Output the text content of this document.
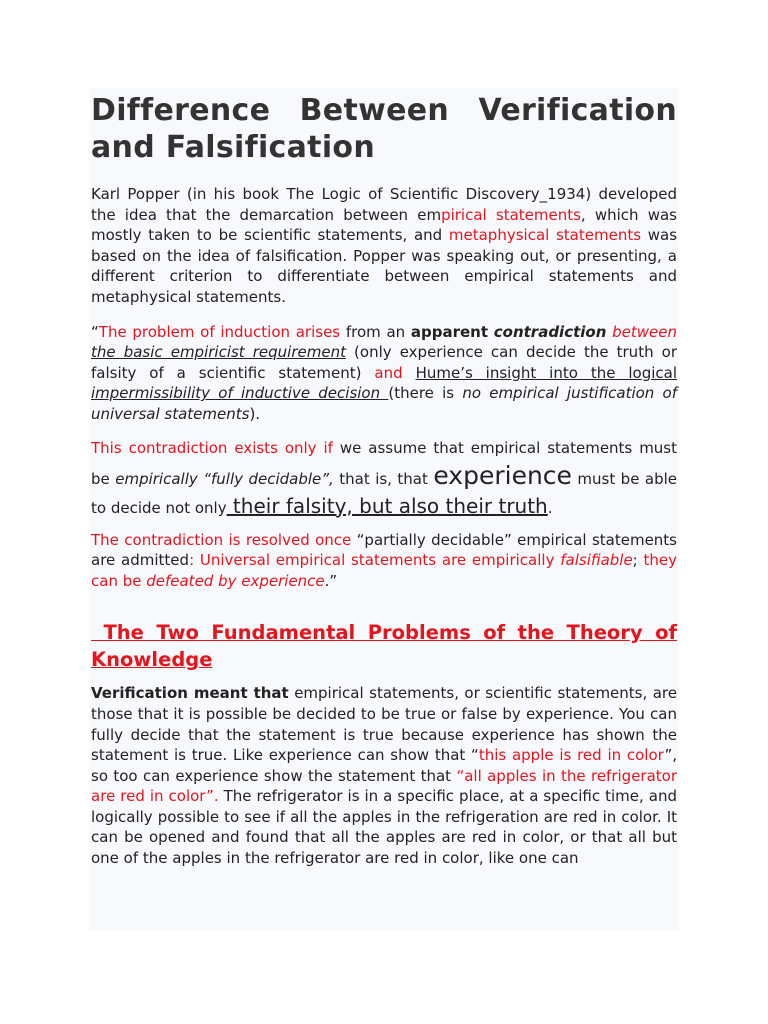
Difference Between Verification and Falsification

Karl Popper (in his book The Logic of Scientific Discovery_1934) developed the idea that the demarcation between empirical statements, which was mostly taken to be scientific statements, and metaphysical statements was based on the idea of falsification. Popper was speaking out, or presenting, a different criterion to differentiate between empirical statements and metaphysical statements.

“The problem of induction arises from an apparent contradiction between the basic empiricist requirement (only experience can decide the truth or falsity of a scientific statement) and Hume’s insight into the logical impermissibility of inductive decision (there is no empirical justification of universal statements).

This contradiction exists only if we assume that empirical statements must be empirically “fully decidable”, that is, that experience must be able to decide not only their falsity, but also their truth.

The contradiction is resolved once “partially decidable” empirical statements are admitted: Universal empirical statements are empirically falsifiable; they can be defeated by experience.”

The Two Fundamental Problems of the Theory of Knowledge

Verification meant that empirical statements, or scientific statements, are those that it is possible be decided to be true or false by experience. You can fully decide that the statement is true because experience has shown the statement is true. Like experience can show that “this apple is red in color”, so too can experience show the statement that “all apples in the refrigerator are red in color”. The refrigerator is in a specific place, at a specific time, and logically possible to see if all the apples in the refrigeration are red in color. It can be opened and found that all the apples are red in color, or that all but one of the apples in the refrigerator are red in color, like one can
